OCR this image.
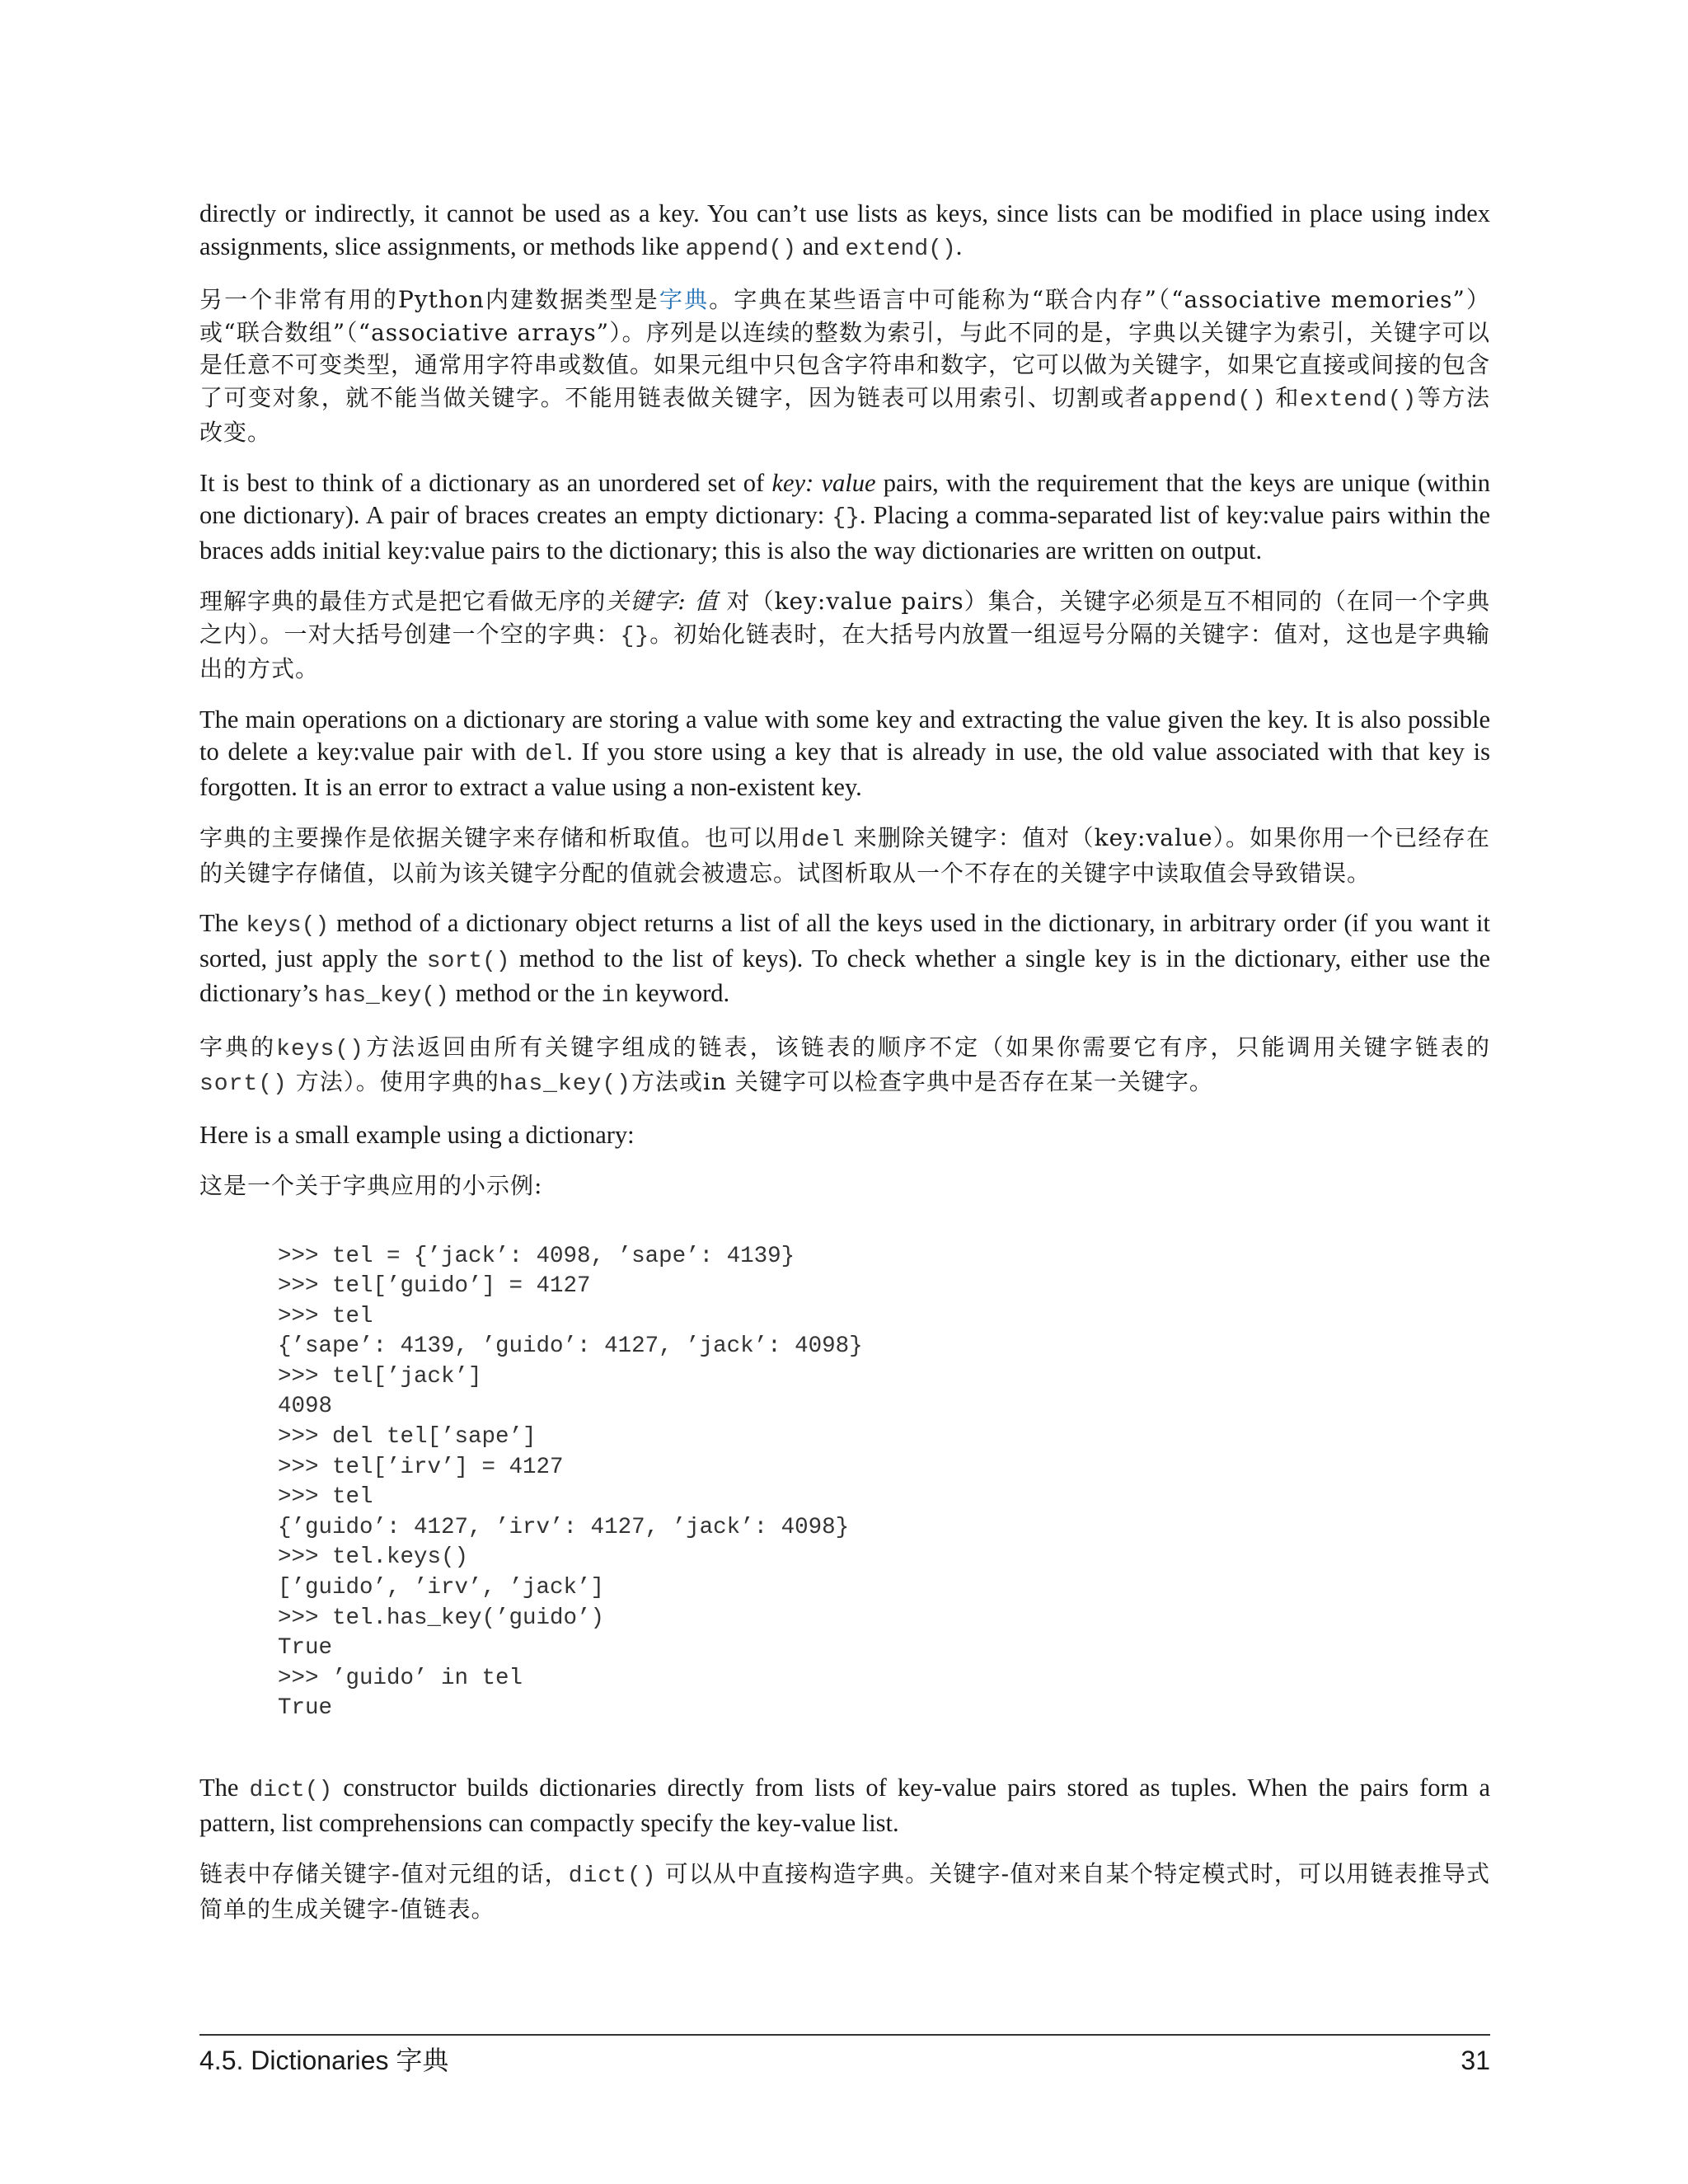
directly or indirectly, it cannot be used as a key. You can’t use lists as keys, since lists can be modified in place using index assignments, slice assignments, or methods like append() and extend().

另一个非常有用的Python内建数据类型是字典。字典在某些语言中可能称为“联合内存”（“associative memories”）或“联合数组”（“associative arrays”）。序列是以连续的整数为索引，与此不同的是，字典以关键字为索引，关键字可以是任意不可变类型，通常用字符串或数值。如果元组中只包含字符串和数字，它可以做为关键字，如果它直接或间接的包含了可变对象，就不能当做关键字。不能用链表做关键字，因为链表可以用索引、切割或者append() 和extend()等方法改变。

It is best to think of a dictionary as an unordered set of key: value pairs, with the requirement that the keys are unique (within one dictionary). A pair of braces creates an empty dictionary: {}. Placing a comma-separated list of key:value pairs within the braces adds initial key:value pairs to the dictionary; this is also the way dictionaries are written on output.

理解字典的最佳方式是把它看做无序的关键字: 值 对（key:value pairs）集合，关键字必须是互不相同的（在同一个字典之内）。一对大括号创建一个空的字典：{}。初始化链表时，在大括号内放置一组逗号分隔的关键字：值对，这也是字典输出的方式。

The main operations on a dictionary are storing a value with some key and extracting the value given the key. It is also possible to delete a key:value pair with del. If you store using a key that is already in use, the old value associated with that key is forgotten. It is an error to extract a value using a non-existent key.

字典的主要操作是依据关键字来存储和析取值。也可以用del 来删除关键字：值对（key:value）。如果你用一个已经存在的关键字存储值，以前为该关键字分配的值就会被遗忘。试图析取从一个不存在的关键字中读取值会导致错误。

The keys() method of a dictionary object returns a list of all the keys used in the dictionary, in arbitrary order (if you want it sorted, just apply the sort() method to the list of keys). To check whether a single key is in the dictionary, either use the dictionary’s has_key() method or the in keyword.

字典的keys()方法返回由所有关键字组成的链表，该链表的顺序不定（如果你需要它有序，只能调用关键字链表的sort() 方法）。使用字典的has_key()方法或in 关键字可以检查字典中是否存在某一关键字。

Here is a small example using a dictionary:

这是一个关于字典应用的小示例:

>>> tel = {’jack’: 4098, ’sape’: 4139}
>>> tel[’guido’] = 4127
>>> tel
{’sape’: 4139, ’guido’: 4127, ’jack’: 4098}
>>> tel[’jack’]
4098
>>> del tel[’sape’]
>>> tel[’irv’] = 4127
>>> tel
{’guido’: 4127, ’irv’: 4127, ’jack’: 4098}
>>> tel.keys()
[’guido’, ’irv’, ’jack’]
>>> tel.has_key(’guido’)
True
>>> ’guido’ in tel
True

The dict() constructor builds dictionaries directly from lists of key-value pairs stored as tuples. When the pairs form a pattern, list comprehensions can compactly specify the key-value list.

链表中存储关键字-值对元组的话，dict() 可以从中直接构造字典。关键字-值对来自某个特定模式时，可以用链表推导式简单的生成关键字-值链表。

4.5. Dictionaries 字典	31
